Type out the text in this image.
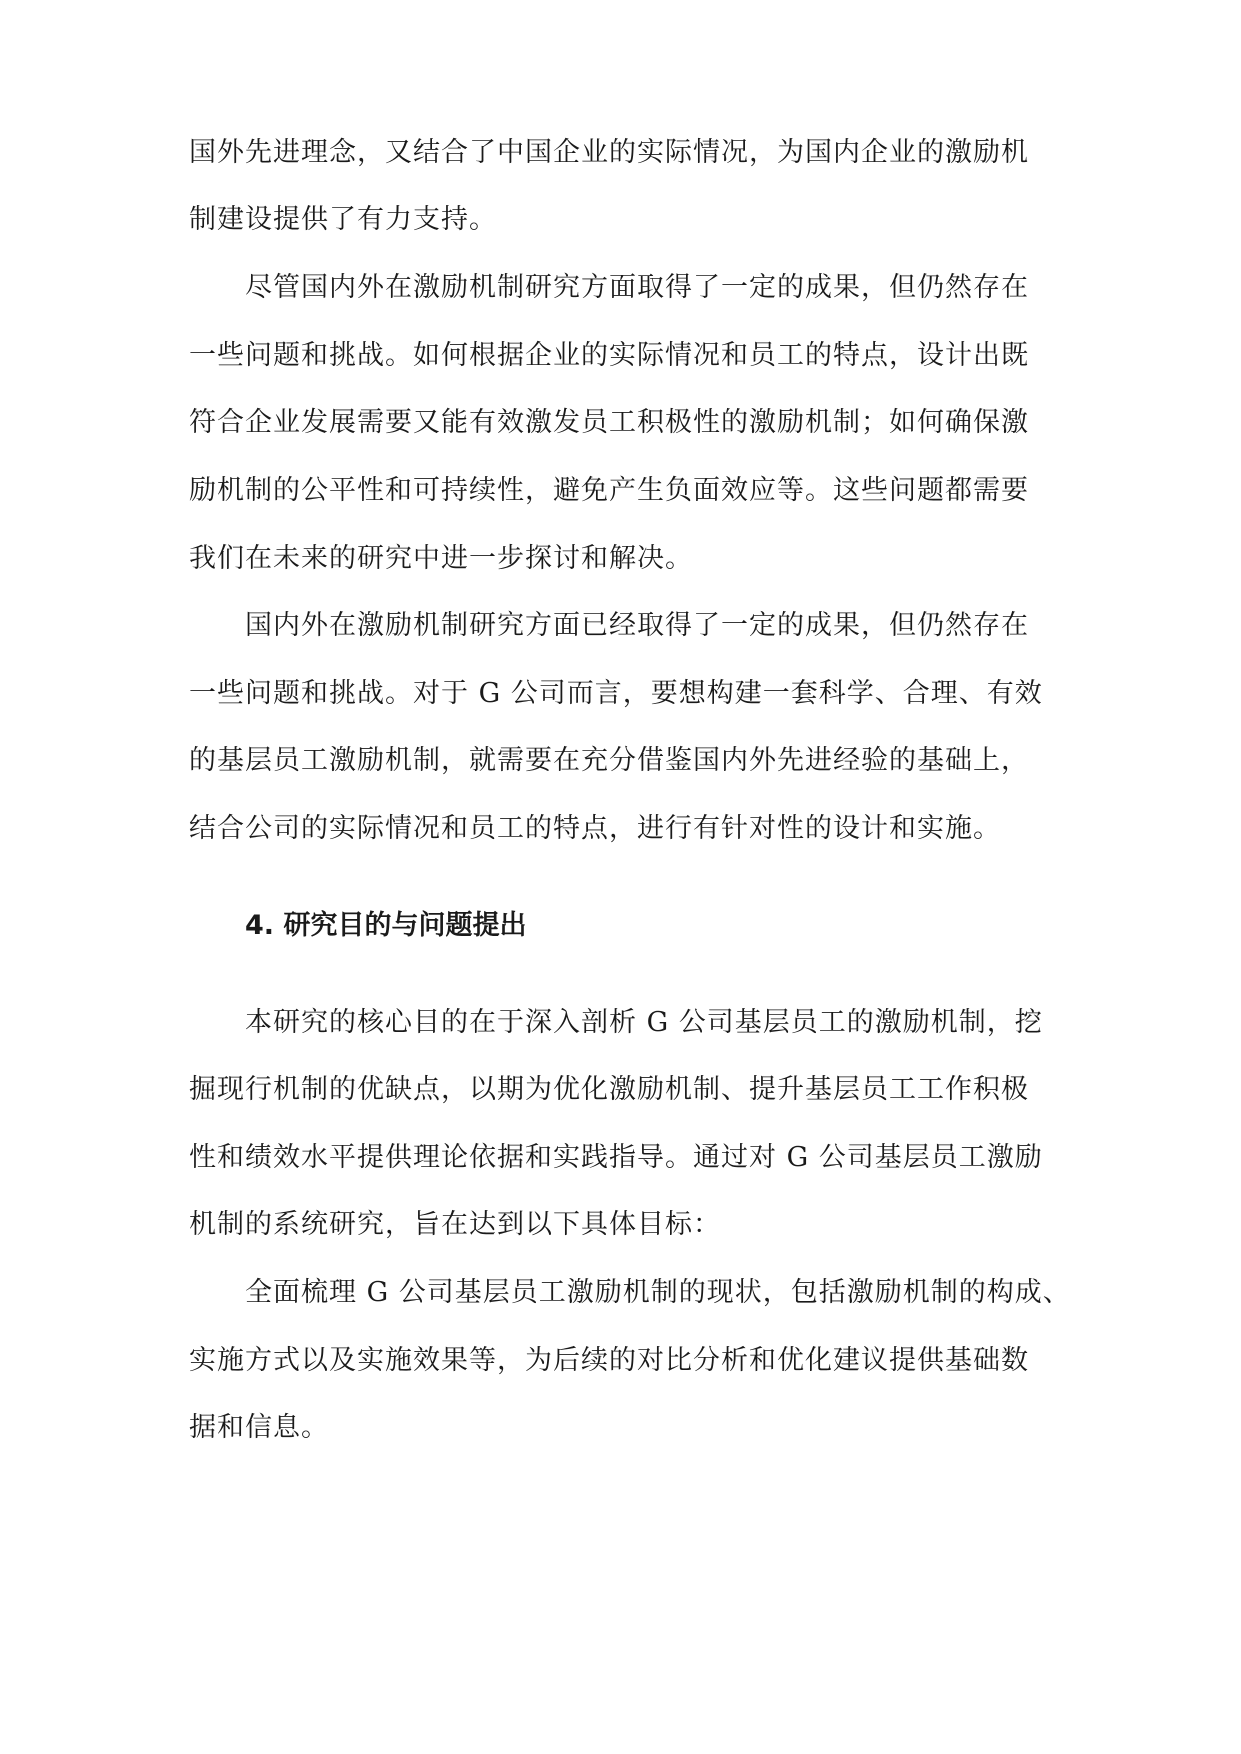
国外先进理念，又结合了中国企业的实际情况，为国内企业的激励机
制建设提供了有力支持。
尽管国内外在激励机制研究方面取得了一定的成果，但仍然存在
一些问题和挑战。如何根据企业的实际情况和员工的特点，设计出既
符合企业发展需要又能有效激发员工积极性的激励机制；如何确保激
励机制的公平性和可持续性，避免产生负面效应等。这些问题都需要
我们在未来的研究中进一步探讨和解决。
国内外在激励机制研究方面已经取得了一定的成果，但仍然存在
一些问题和挑战。对于 G 公司而言，要想构建一套科学、合理、有效
的基层员工激励机制，就需要在充分借鉴国内外先进经验的基础上，
结合公司的实际情况和员工的特点，进行有针对性的设计和实施。
本研究的核心目的在于深入剖析 G 公司基层员工的激励机制，挖
掘现行机制的优缺点，以期为优化激励机制、提升基层员工工作积极
性和绩效水平提供理论依据和实践指导。通过对 G 公司基层员工激励
机制的系统研究，旨在达到以下具体目标：
全面梳理 G 公司基层员工激励机制的现状，包括激励机制的构成、
实施方式以及实施效果等，为后续的对比分析和优化建议提供基础数
据和信息。
4. 研究目的与问题提出
